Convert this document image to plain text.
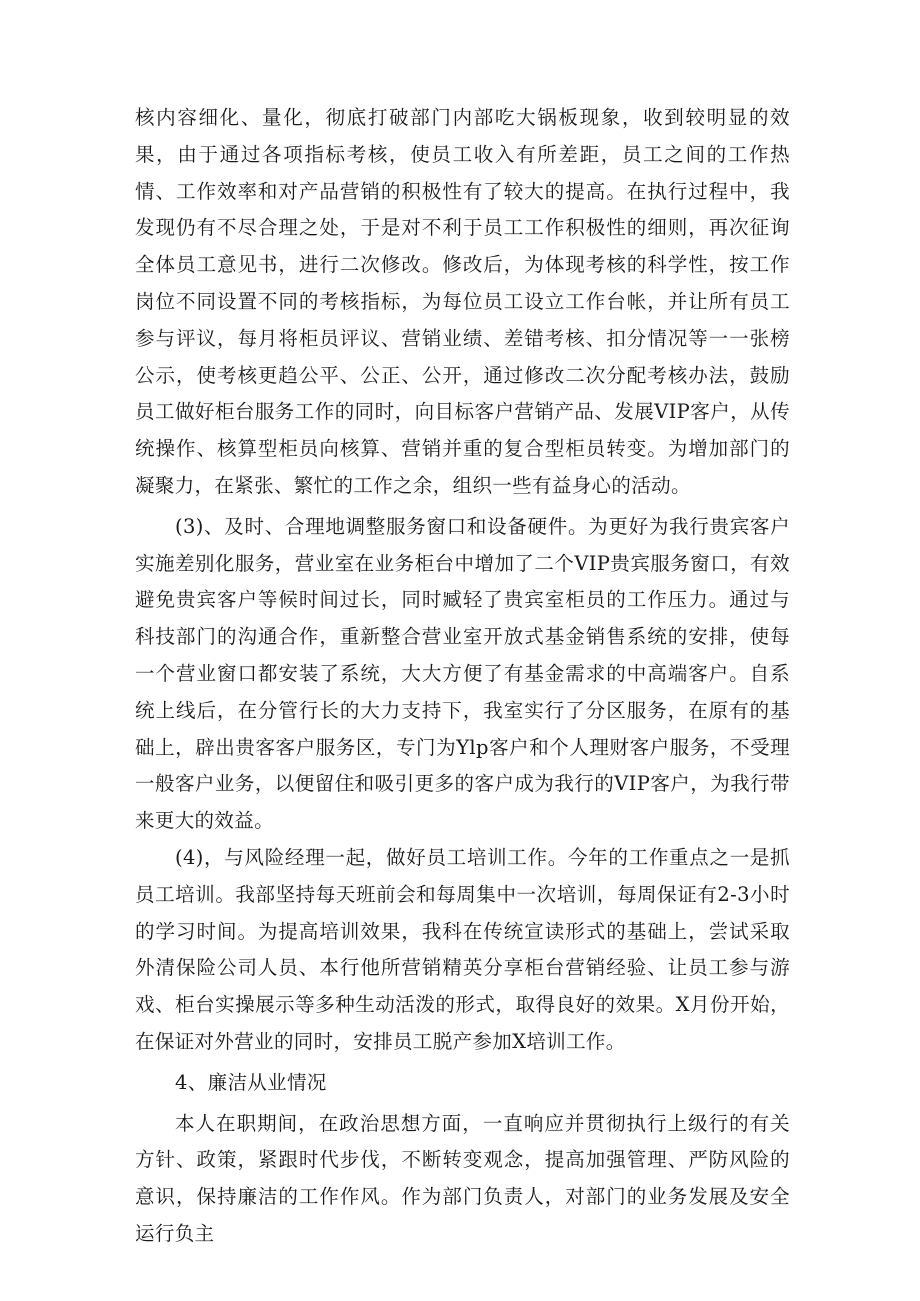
核内容细化、量化，彻底打破部门内部吃大锅板现象，收到较明显的效果，由于通过各项指标考核，使员工收入有所差距，员工之间的工作热情、工作效率和对产品营销的积极性有了较大的提高。在执行过程中，我发现仍有不尽合理之处，于是对不利于员工工作积极性的细则，再次征询全体员工意见书，进行二次修改。修改后，为体现考核的科学性，按工作岗位不同设置不同的考核指标，为每位员工设立工作台帐，并让所有员工参与评议，每月将柜员评议、营销业绩、差错考核、扣分情况等一一张榜公示，使考核更趋公平、公正、公开，通过修改二次分配考核办法，鼓励员工做好柜台服务工作的同时，向目标客户营销产品、发展VIP客户，从传统操作、核算型柜员向核算、营销并重的复合型柜员转变。为增加部门的凝聚力，在紧张、繁忙的工作之余，组织一些有益身心的活动。

(3)、及时、合理地调整服务窗口和设备硬件。为更好为我行贵宾客户实施差别化服务，营业室在业务柜台中增加了二个VIP贵宾服务窗口，有效避免贵宾客户等候时间过长，同时臧轻了贵宾室柜员的工作压力。通过与科技部门的沟通合作，重新整合营业室开放式基金销售系统的安排，使每一个营业窗口都安装了系统，大大方便了有基金需求的中高端客户。自系统上线后，在分管行长的大力支持下，我室实行了分区服务，在原有的基础上，辟出贵客客户服务区，专门为Ylp客户和个人理财客户服务，不受理一般客户业务，以便留住和吸引更多的客户成为我行的VIP客户，为我行带来更大的效益。

(4)，与风险经理一起，做好员工培训工作。今年的工作重点之一是抓员工培训。我部坚持每天班前会和每周集中一次培训，每周保证有2-3小时的学习时间。为提高培训效果，我科在传统宣读形式的基础上，尝试采取外清保险公司人员、本行他所营销精英分享柜台营销经验、让员工参与游戏、柜台实操展示等多种生动活泼的形式，取得良好的效果。X月份开始，在保证对外营业的同时，安排员工脱产参加X培训工作。

4、廉洁从业情况

本人在职期间，在政治思想方面，一直响应并贯彻执行上级行的有关方针、政策，紧跟时代步伐，不断转变观念，提高加强管理、严防风险的意识，保持廉洁的工作作风。作为部门负责人，对部门的业务发展及安全运行负主
